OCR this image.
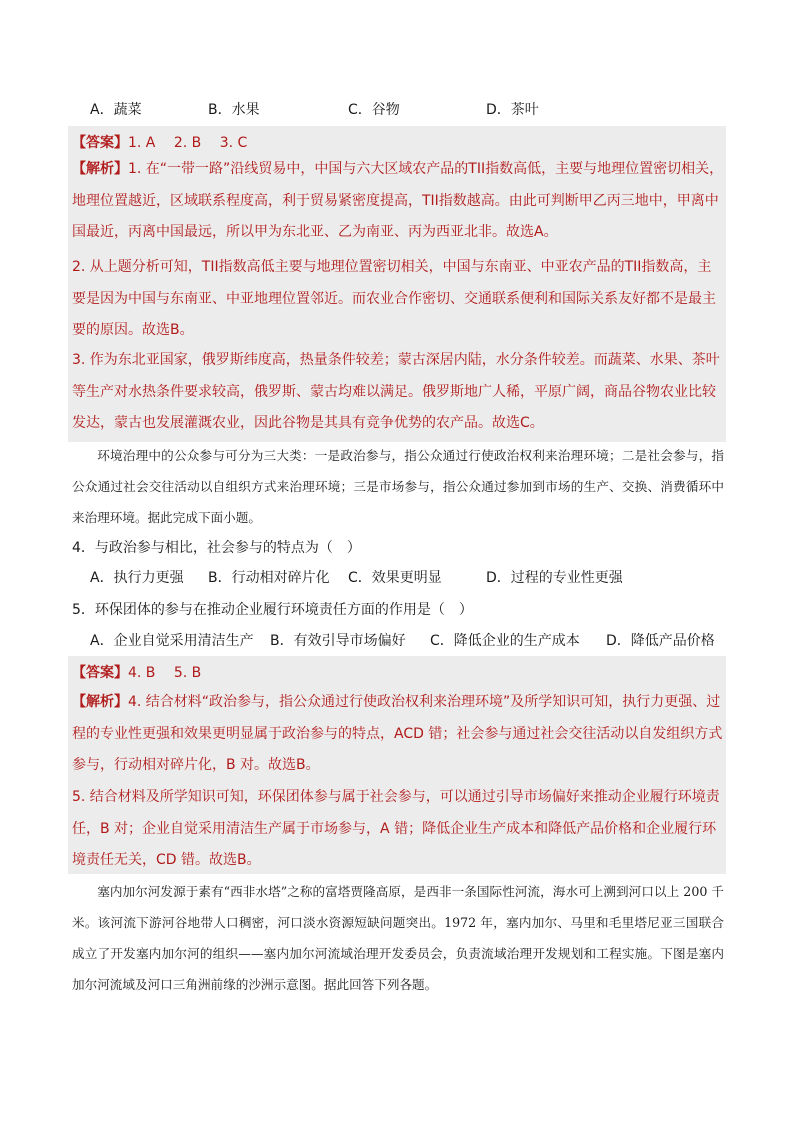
A．蔬菜	B．水果	C．谷物	D．茶叶
【答案】1. A　 2. B　 3. C
【解析】1. 在“一带一路”沿线贸易中，中国与六大区域农产品的TII指数高低，主要与地理位置密切相关，地理位置越近，区域联系程度高，利于贸易紧密度提高，TII指数越高。由此可判断甲乙丙三地中，甲离中国最近，丙离中国最远，所以甲为东北亚、乙为南亚、丙为西亚北非。故选A。
2. 从上题分析可知，TII指数高低主要与地理位置密切相关，中国与东南亚、中亚农产品的TII指数高，主要是因为中国与东南亚、中亚地理位置邻近。而农业合作密切、交通联系便利和国际关系友好都不是最主要的原因。故选B。
3. 作为东北亚国家，俄罗斯纬度高，热量条件较差；蒙古深居内陆，水分条件较差。而蔬菜、水果、茶叶等生产对水热条件要求较高，俄罗斯、蒙古均难以满足。俄罗斯地广人稀，平原广阔，商品谷物农业比较发达，蒙古也发展灌溉农业，因此谷物是其具有竞争优势的农产品。故选C。
环境治理中的公众参与可分为三大类：一是政治参与，指公众通过行使政治权利来治理环境；二是社会参与，指公众通过社会交往活动以自组织方式来治理环境；三是市场参与，指公众通过参加到市场的生产、交换、消费循环中来治理环境。据此完成下面小题。
4．与政治参与相比，社会参与的特点为（　）
A．执行力更强 B．行动相对碎片化 C．效果更明显	D．过程的专业性更强
5．环保团体的参与在推动企业履行环境责任方面的作用是（　）
A．企业自觉采用清洁生产 B．有效引导市场偏好 C．降低企业的生产成本 D．降低产品价格
【答案】4. B　 5. B
【解析】4. 结合材料“政治参与，指公众通过行使政治权利来治理环境”及所学知识可知，执行力更强、过程的专业性更强和效果更明显属于政治参与的特点，ACD 错；社会参与通过社会交往活动以自发组织方式参与，行动相对碎片化，B 对。故选B。
5. 结合材料及所学知识可知，环保团体参与属于社会参与，可以通过引导市场偏好来推动企业履行环境责任，B 对；企业自觉采用清洁生产属于市场参与，A 错；降低企业生产成本和降低产品价格和企业履行环境责任无关，CD 错。故选B。
塞内加尔河发源于素有“西非水塔”之称的富塔贾隆高原，是西非一条国际性河流，海水可上溯到河口以上 200 千米。该河流下游河谷地带人口稠密，河口淡水资源短缺问题突出。1972 年，塞内加尔、马里和毛里塔尼亚三国联合成立了开发塞内加尔河的组织——塞内加尔河流域治理开发委员会，负责流域治理开发规划和工程实施。下图是塞内加尔河流域及河口三角洲前缘的沙洲示意图。据此回答下列各题。
